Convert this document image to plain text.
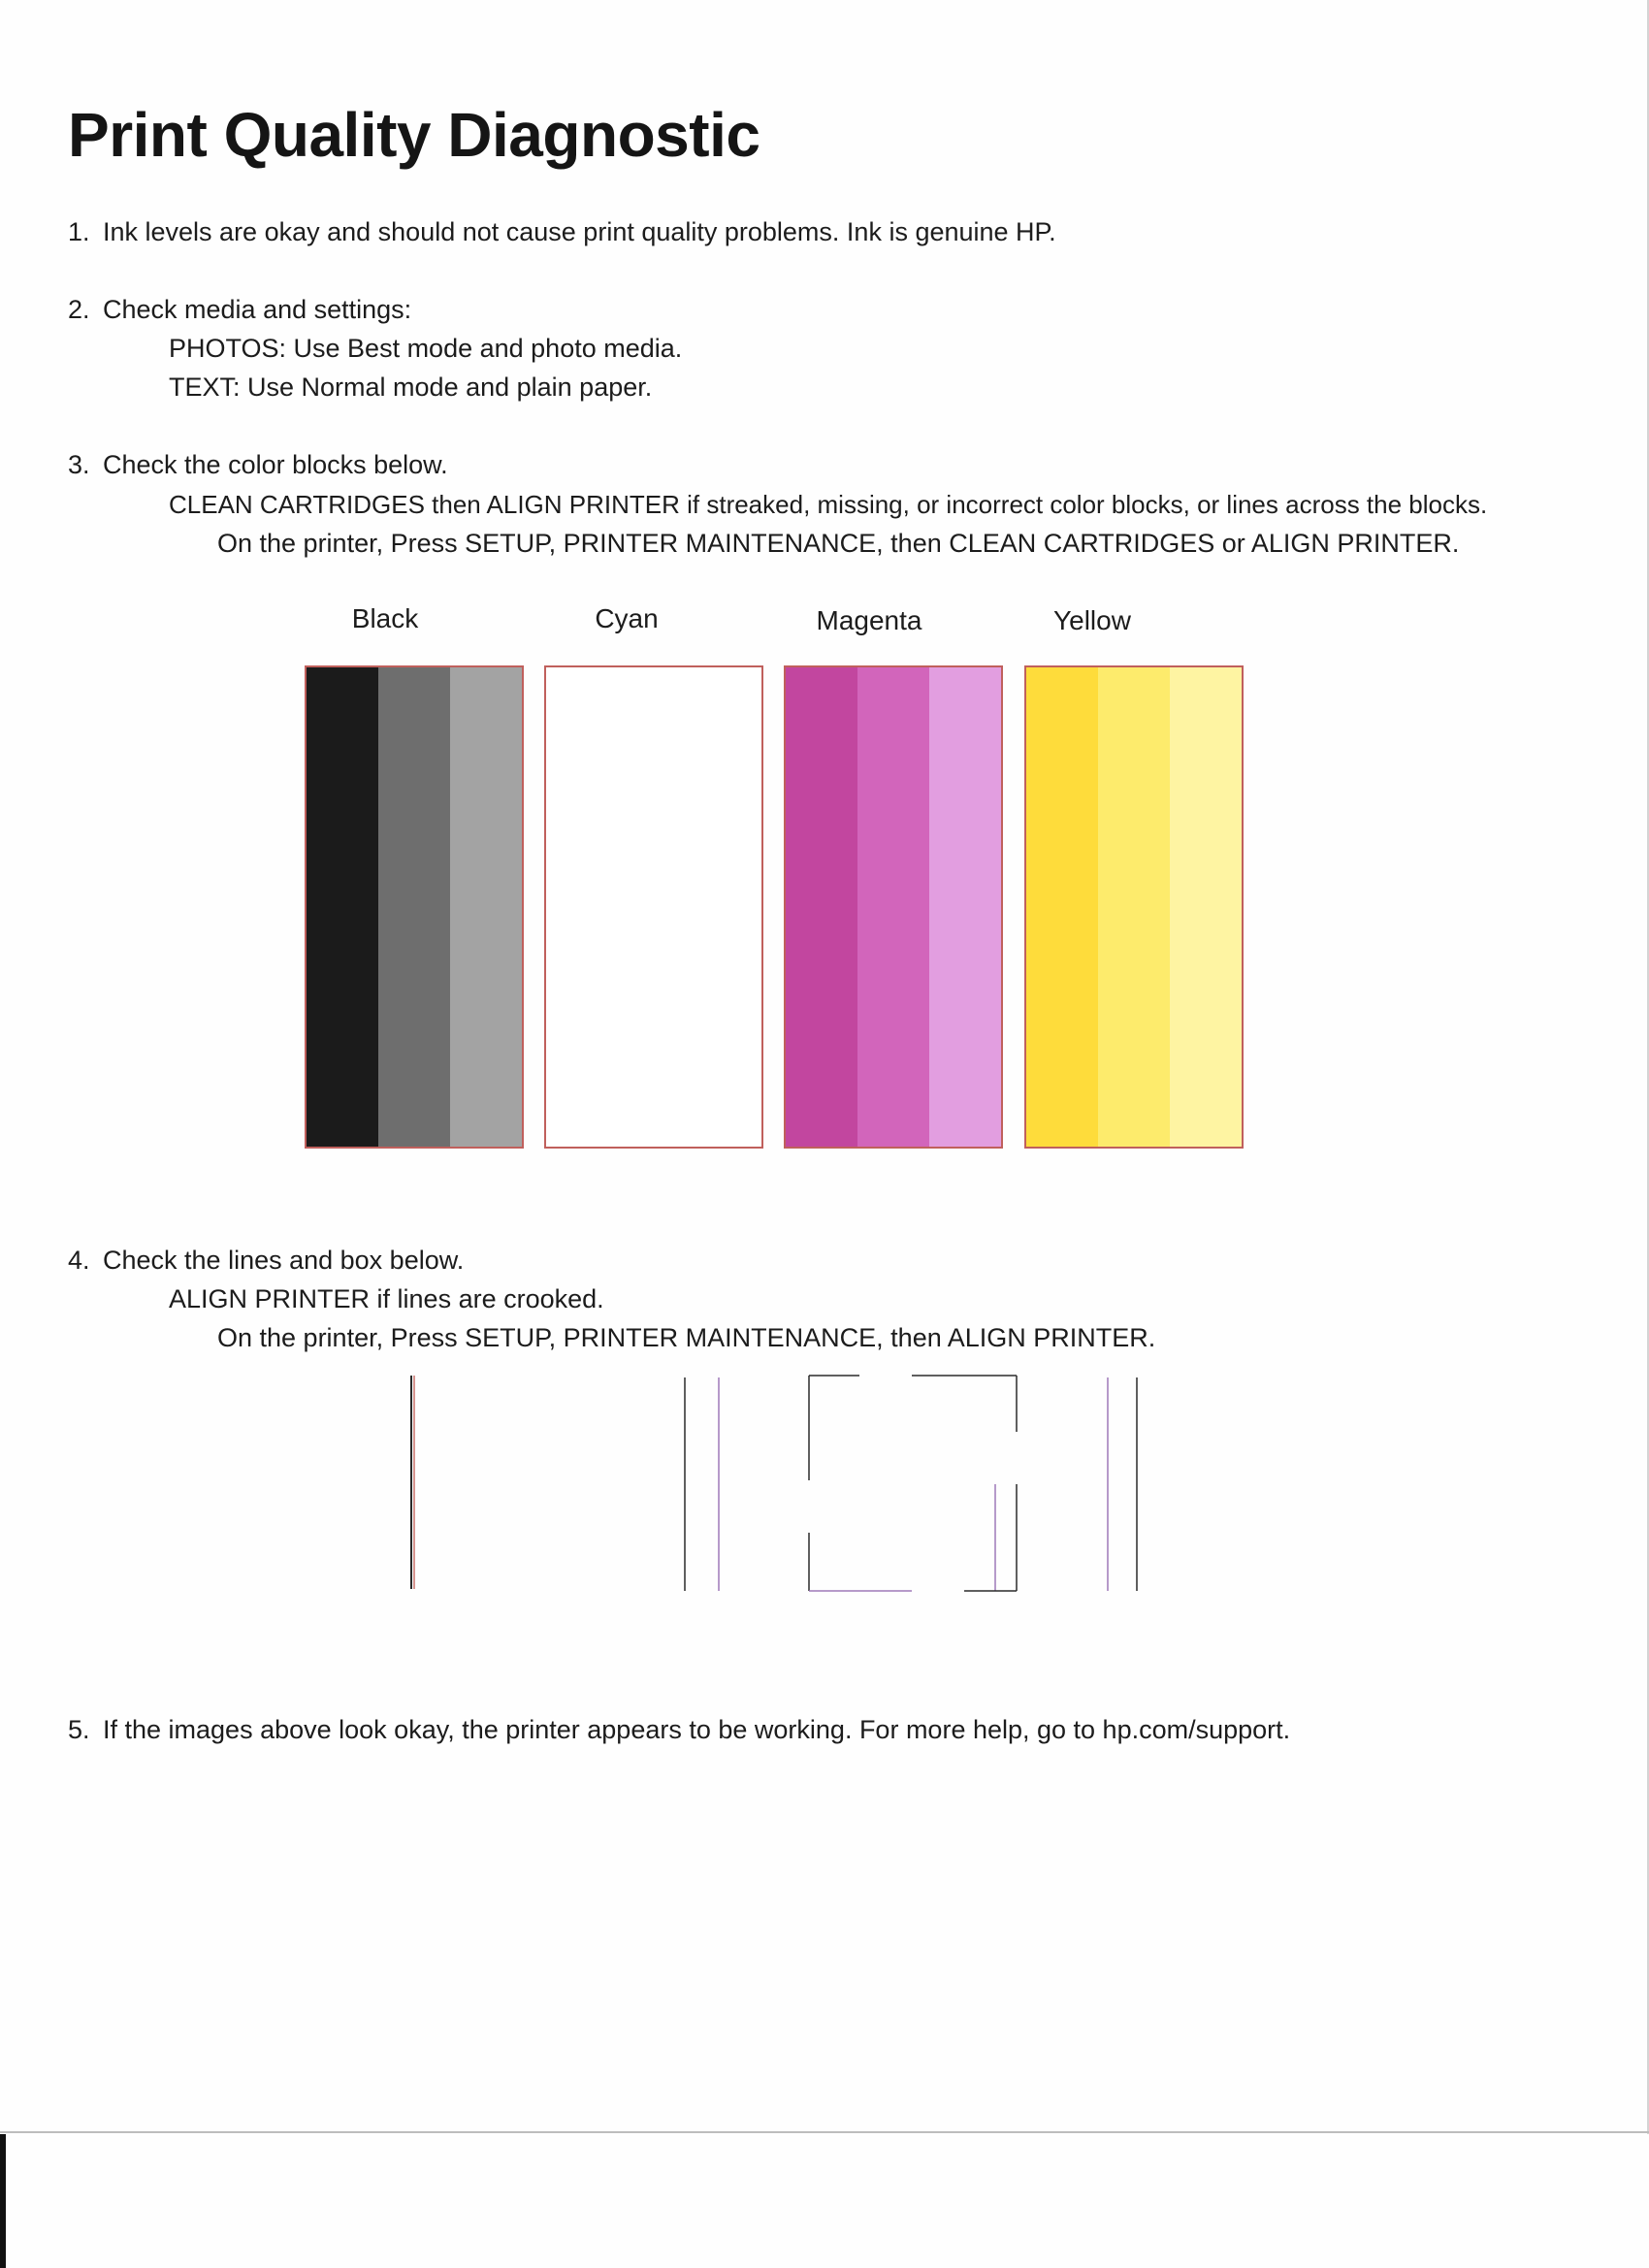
Print Quality Diagnostic
1. Ink levels are okay and should not cause print quality problems. Ink is genuine HP.
2. Check media and settings:
PHOTOS: Use Best mode and photo media.
TEXT: Use Normal mode and plain paper.
3. Check the color blocks below.
CLEAN CARTRIDGES then ALIGN PRINTER if streaked, missing, or incorrect color blocks, or lines across the blocks.
On the printer, Press SETUP, PRINTER MAINTENANCE, then CLEAN CARTRIDGES or ALIGN PRINTER.
Black	Cyan	Magenta	Yellow
4. Check the lines and box below.
ALIGN PRINTER if lines are crooked.
On the printer, Press SETUP, PRINTER MAINTENANCE, then ALIGN PRINTER.
5. If the images above look okay, the printer appears to be working. For more help, go to hp.com/support.
